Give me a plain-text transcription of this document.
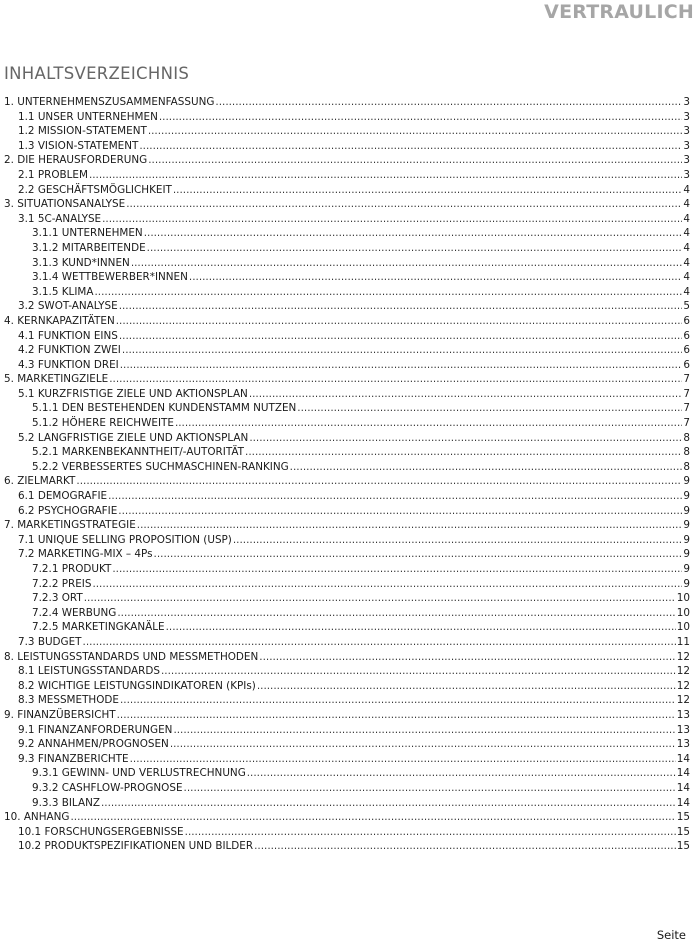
VERTRAULICH
INHALTSVERZEICHNIS
1. UNTERNEHMENSZUSAMMENFASSUNG .....	3
1.1 UNSER UNTERNEHMEN .....	3
1.2 MISSION-STATEMENT .....	3
1.3 VISION-STATEMENT .....	3
2. DIE HERAUSFORDERUNG .....	3
2.1 PROBLEM .....	3
2.2 GESCHÄFTSMÖGLICHKEIT .....	4
3. SITUATIONSANALYSE .....	4
3.1 5C-ANALYSE .....	4
3.1.1 UNTERNEHMEN .....	4
3.1.2 MITARBEITENDE .....	4
3.1.3 KUND*INNEN .....	4
3.1.4 WETTBEWERBER*INNEN .....	4
3.1.5 KLIMA .....	4
3.2 SWOT-ANALYSE .....	5
4. KERNKAPAZITÄTEN .....	6
4.1 FUNKTION EINS .....	6
4.2 FUNKTION ZWEI .....	6
4.3 FUNKTION DREI .....	6
5. MARKETINGZIELE .....	7
5.1 KURZFRISTIGE ZIELE UND AKTIONSPLAN .....	7
5.1.1 DEN BESTEHENDEN KUNDENSTAMM NUTZEN .....	7
5.1.2 HÖHERE REICHWEITE .....	7
5.2 LANGFRISTIGE ZIELE UND AKTIONSPLAN .....	8
5.2.1 MARKENBEKANNTHEIT/-AUTORITÄT .....	8
5.2.2 VERBESSERTES SUCHMASCHINEN-RANKING .....	8
6. ZIELMARKT .....	9
6.1 DEMOGRAFIE .....	9
6.2 PSYCHOGRAFIE .....	9
7. MARKETINGSTRATEGIE .....	9
7.1 UNIQUE SELLING PROPOSITION (USP) .....	9
7.2 MARKETING-MIX – 4Ps .....	9
7.2.1 PRODUKT .....	9
7.2.2 PREIS .....	9
7.2.3 ORT .....	10
7.2.4 WERBUNG .....	10
7.2.5 MARKETINGKANÄLE .....	10
7.3 BUDGET .....	11
8. LEISTUNGSSTANDARDS UND MESSMETHODEN .....	12
8.1 LEISTUNGSSTANDARDS .....	12
8.2 WICHTIGE LEISTUNGSINDIKATOREN (KPIs) .....	12
8.3 MESSMETHODE .....	12
9. FINANZÜBERSICHT .....	13
9.1 FINANZANFORDERUNGEN .....	13
9.2 ANNAHMEN/PROGNOSEN .....	13
9.3 FINANZBERICHTE .....	14
9.3.1 GEWINN- UND VERLUSTRECHNUNG .....	14
9.3.2 CASHFLOW-PROGNOSE .....	14
9.3.3 BILANZ .....	14
10. ANHANG .....	15
10.1 FORSCHUNGSERGEBNISSE .....	15
10.2 PRODUKTSPEZIFIKATIONEN UND BILDER .....	15
Seite
